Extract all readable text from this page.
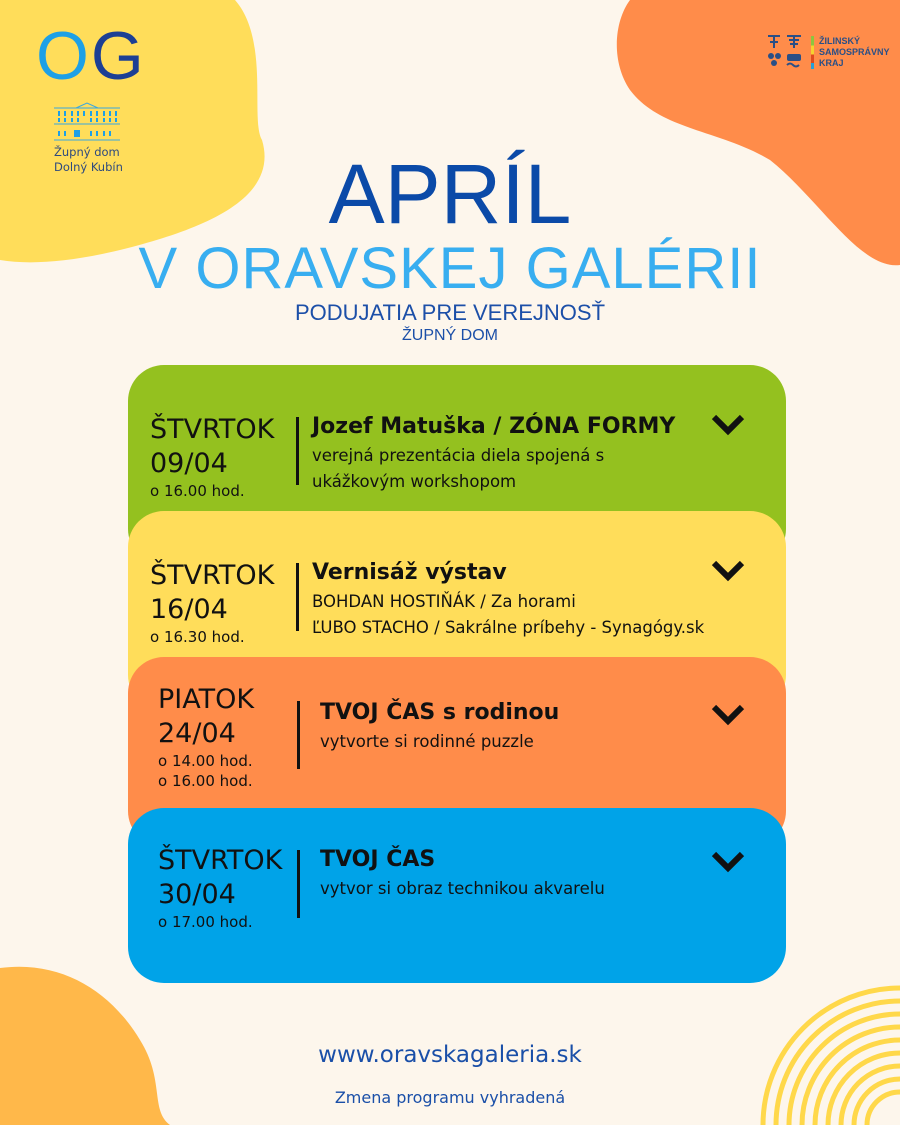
OG
Župný dom
Dolný Kubín
ŽILINSKÝ
SAMOSPRÁVNY
KRAJ
APRÍL
V ORAVSKEJ GALÉRII
PODUJATIA PRE VEREJNOSŤ
ŽUPNÝ DOM
ŠTVRTOK
09/04
o 16.00 hod.
Jozef Matuška / ZÓNA FORMY
verejná prezentácia diela spojená s
ukážkovým workshopom
ŠTVRTOK
16/04
o 16.30 hod.
Vernisáž výstav
BOHDAN HOSTIŇÁK / Za horami
ĽUBO STACHO / Sakrálne príbehy - Synagógy.sk
PIATOK
24/04
o 14.00 hod.
o 16.00 hod.
TVOJ ČAS s rodinou
vytvorte si rodinné puzzle
ŠTVRTOK
30/04
o 17.00 hod.
TVOJ ČAS
vytvor si obraz technikou akvarelu
www.oravskagaleria.sk
Zmena programu vyhradená
